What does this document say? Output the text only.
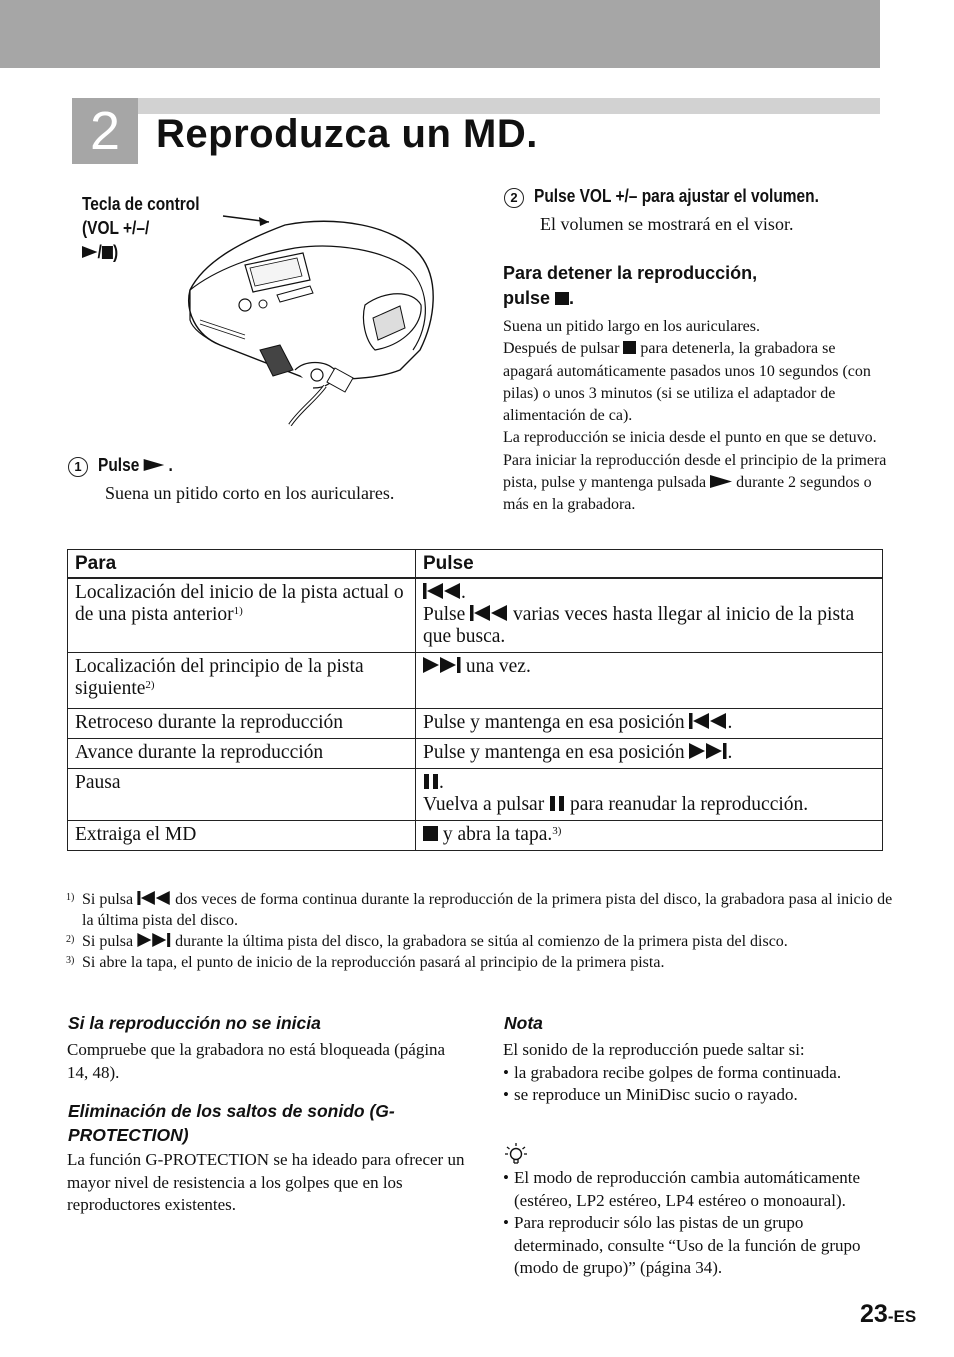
2 Reproduzca un MD.
Tecla de control
(VOL +/–/
/ )
1 Pulse  .
Suena un pitido corto en los auriculares.
2 Pulse VOL +/– para ajustar el volumen.
El volumen se mostrará en el visor.
Para detener la reproducción,
pulse .
Suena un pitido largo en los auriculares.
Después de pulsar para detenerla, la grabadora se apagará automáticamente pasados unos 10 segundos (con pilas) o unos 3 minutos (si se utiliza el adaptador de alimentación de ca).
La reproducción se inicia desde el punto en que se detuvo. Para iniciar la reproducción desde el principio de la primera pista, pulse y mantenga pulsada durante 2 segundos o más en la grabadora.
Para	Pulse
Localización del inicio de la pista actual o de una pista anterior$^{1)}$	.
Pulse varias veces hasta llegar al inicio de la pista que busca.

Localización del principio de la pista siguiente$^{2)}$	una vez.
Retroceso durante la reproducción	Pulse y mantenga en esa posición .
Avance durante la reproducción	Pulse y mantenga en esa posición .
Pausa	.
Vuelva a pulsar para reanudar la reproducción.

Extraiga el MD	y abra la tapa.$^{3)}$
1) Si pulsa	dos veces de forma continua durante la reproducción de la primera pista del disco, la grabadora pasa al inicio de la última pista del disco.
2) Si pulsa	durante la última pista del disco, la grabadora se sitúa al comienzo de la primera pista del disco.
3) Si abre la tapa, el punto de inicio de la reproducción pasará al principio de la primera pista.
Si la reproducción no se inicia
Compruebe que la grabadora no está bloqueada (página 14, 48).
Eliminación de los saltos de sonido (G-PROTECTION)
La función G-PROTECTION se ha ideado para ofrecer un mayor nivel de resistencia a los golpes que en los reproductores existentes.
Nota
El sonido de la reproducción puede saltar si:
• la grabadora recibe golpes de forma continuada.
• se reproduce un MiniDisc sucio o rayado.
• El modo de reproducción cambia automáticamente (estéreo, LP2 estéreo, LP4 estéreo o monoaural).
• Para reproducir sólo las pistas de un grupo determinado, consulte “Uso de la función de grupo (modo de grupo)” (página 34).
23-ES
